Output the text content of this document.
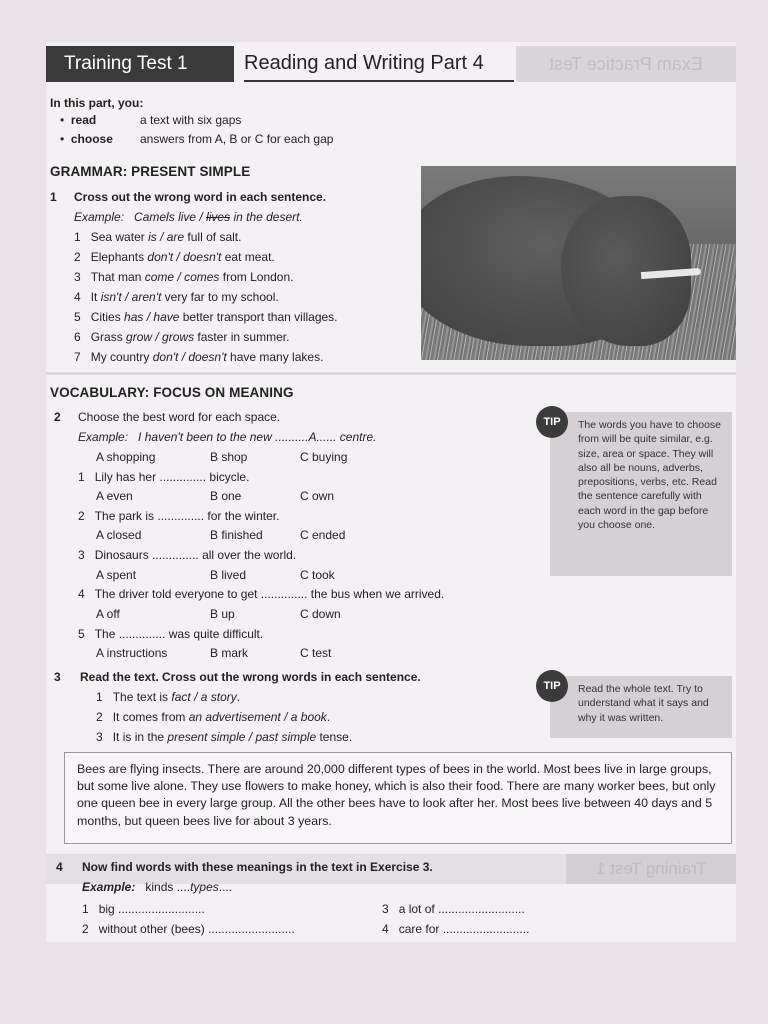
Training Test 1	Reading and Writing Part 4	Exam Practice Test
In this part, you:
•  read	a text with six gaps
•  choose answers from A, B or C for each gap
GRAMMAR: PRESENT SIMPLE
1 Cross out the wrong word in each sentence.
Example: Camels live / lives in the desert.
1 Sea water is / are full of salt.
2 Elephants don't / doesn't eat meat.
3 That man come / comes from London.
4 It isn't / aren't very far to my school.
5 Cities has / have better transport than villages.
6 Grass grow / grows faster in summer.
7 My country don't / doesn't have many lakes.
VOCABULARY: FOCUS ON MEANING
2 Choose the best word for each space.
Example: I haven't been to the new ..........A...... centre.
A shopping	B shop	C buying
1 Lily has her .............. bicycle.
A even	B one	C own
2 The park is .............. for the winter.
A closed	B finished	C ended
3 Dinosaurs .............. all over the world.
A spent	B lived	C took
4 The driver told everyone to get .............. the bus when we arrived.
A off	B up	C down
5 The .............. was quite difficult.
A instructions	B mark	C test
The words you have to choose from will be quite similar, e.g. size, area or space. They will also all be nouns, adverbs, prepositions, verbs, etc. Read the sentence carefully with each word in the gap before you choose one.
TIP
3 Read the text. Cross out the wrong words in each sentence.
1 The text is fact / a story.
2 It comes from an advertisement / a book.
3 It is in the present simple / past simple tense.
Read the whole text. Try to understand what it says and why it was written.
TIP
Bees are flying insects. There are around 20,000 different types of bees in the world. Most bees live in large groups, but some live alone. They use flowers to make honey, which is also their food. There are many worker bees, but only one queen bee in every large group. All the other bees have to look after her. Most bees live between 40 days and 5 months, but queen bees live for about 3 years.
Training Test 1
4 Now find words with these meanings in the text in Exercise 3.
Example: kinds ....types....
1 big ..........................
2 without other (bees) ..........................
3 a lot of ..........................
4 care for ..........................
